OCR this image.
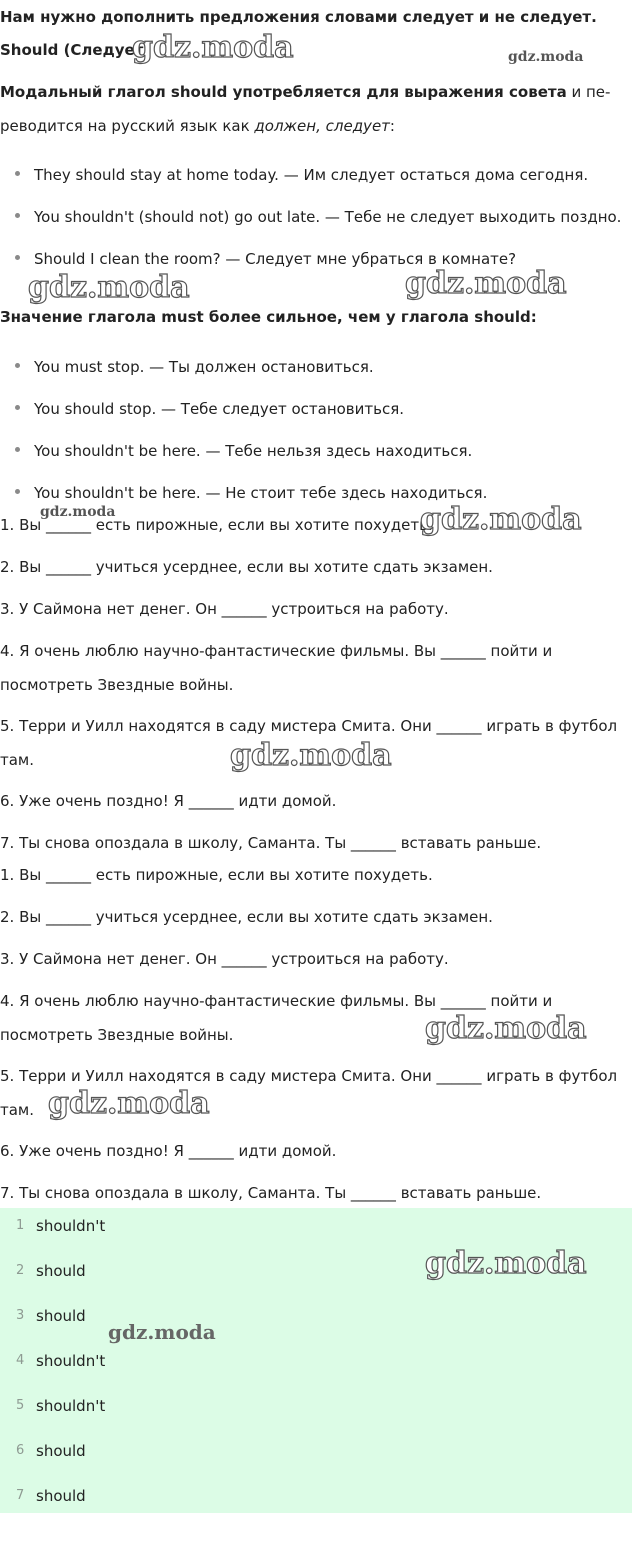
Нам нужно дополнить предложения словами следует и не следует.
Should (Следует)
Модальный глагол should употребляется для выражения совета и пе-
реводится на русский язык как должен, следует:
They should stay at home today. — Им следует остаться дома сегодня.
You shouldn't (should not) go out late. — Тебе не следует выходить поздно.
Should I clean the room? — Следует мне убраться в комнате?
Значение глагола must более сильное, чем у глагола should:
You must stop. — Ты должен остановиться.
You should stop. — Тебе следует остановиться.
You shouldn't be here. — Тебе нельзя здесь находиться.
You shouldn't be here. — Не стоит тебе здесь находиться.
1. Вы ______ есть пирожные, если вы хотите похудеть.
2. Вы ______ учиться усерднее, если вы хотите сдать экзамен.
3. У Саймона нет денег. Он ______ устроиться на работу.
4. Я очень люблю научно-фантастические фильмы. Вы ______ пойти и
посмотреть Звездные войны.
5. Терри и Уилл находятся в саду мистера Смита. Они ______ играть в футбол
там.
6. Уже очень поздно! Я ______ идти домой.
7. Ты снова опоздала в школу, Саманта. Ты ______ вставать раньше.
1. Вы ______ есть пирожные, если вы хотите похудеть.
2. Вы ______ учиться усерднее, если вы хотите сдать экзамен.
3. У Саймона нет денег. Он ______ устроиться на работу.
4. Я очень люблю научно-фантастические фильмы. Вы ______ пойти и
посмотреть Звездные войны.
5. Терри и Уилл находятся в саду мистера Смита. Они ______ играть в футбол
там.
6. Уже очень поздно! Я ______ идти домой.
7. Ты снова опоздала в школу, Саманта. Ты ______ вставать раньше.
1 shouldn't
2 should
3 should
4 shouldn't
5 shouldn't
6 should
7 should
gdz.moda	gdz.moda
gdz.moda	gdz.moda
gdz.moda	gdz.moda
gdz.moda
gdz.moda
gdz.moda
gdz.moda
gdz.moda
